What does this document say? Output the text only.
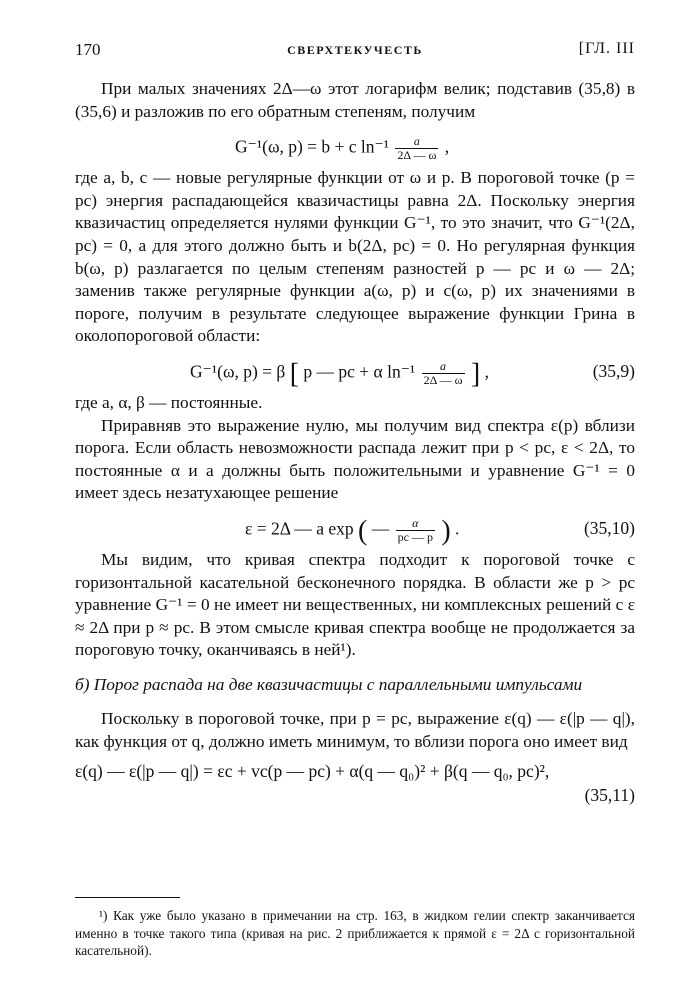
170	СВЕРХТЕКУЧЕСТЬ	[ГЛ. III

При малых значениях 2Δ—ω этот логарифм велик; подставив (35,8) в (35,6) и разложив по его обратным степеням, получим

G⁻¹(ω, p) = b + c $\ln^{-1} \frac{a}{2\Delta — \omega}$ ,

где a, b, c — новые регулярные функции от ω и p. В пороговой точке (p = pc) энергия распадающейся квазичастицы равна 2Δ. Поскольку энергия квазичастиц определяется нулями функции G⁻¹, то это значит, что G⁻¹(2Δ, pc) = 0, а для этого должно быть и b(2Δ, pc) = 0. Но регулярная функция b(ω, p) разлагается по целым степеням разностей p — pc и ω — 2Δ; заменив также регулярные функции a(ω, p) и c(ω, p) их значениями в пороге, получим в результате следующее выражение функции Грина в околопороговой области:

G⁻¹(ω, p) = β [ p — pc + α $\ln^{-1} \frac{a}{2\Delta — \omega}$ ] ,	(35,9)

где a, α, β — постоянные.

Приравняв это выражение нулю, мы получим вид спектра ε(p) вблизи порога. Если область невозможности распада лежит при p < pc, ε < 2Δ, то постоянные α и a должны быть положительными и уравнение G⁻¹ = 0 имеет здесь незатухающее решение

ε = 2Δ — a exp ( — $\frac{\alpha}{pc — p}$ ) .	(35,10)

Мы видим, что кривая спектра подходит к пороговой точке с горизонтальной касательной бесконечного порядка. В области же p > pc уравнение G⁻¹ = 0 не имеет ни вещественных, ни комплексных решений с ε ≈ 2Δ при p ≈ pc. В этом смысле кривая спектра вообще не продолжается за пороговую точку, оканчиваясь в ней¹).

б) Порог распада на две квазичастицы с параллельными импульсами

Поскольку в пороговой точке, при p = pc, выражение ε(q) — ε(|p — q|), как функция от q, должно иметь минимум, то вблизи порога оно имеет вид

ε(q) — ε(|p — q|) = εc + vc(p — pc) + α(q — q₀)² + β(q — q₀, pc)²,
(35,11)

¹) Как уже было указано в примечании на стр. 163, в жидком гелии спектр заканчивается именно в точке такого типа (кривая на рис. 2 приближается к прямой ε = 2Δ с горизонтальной касательной).
